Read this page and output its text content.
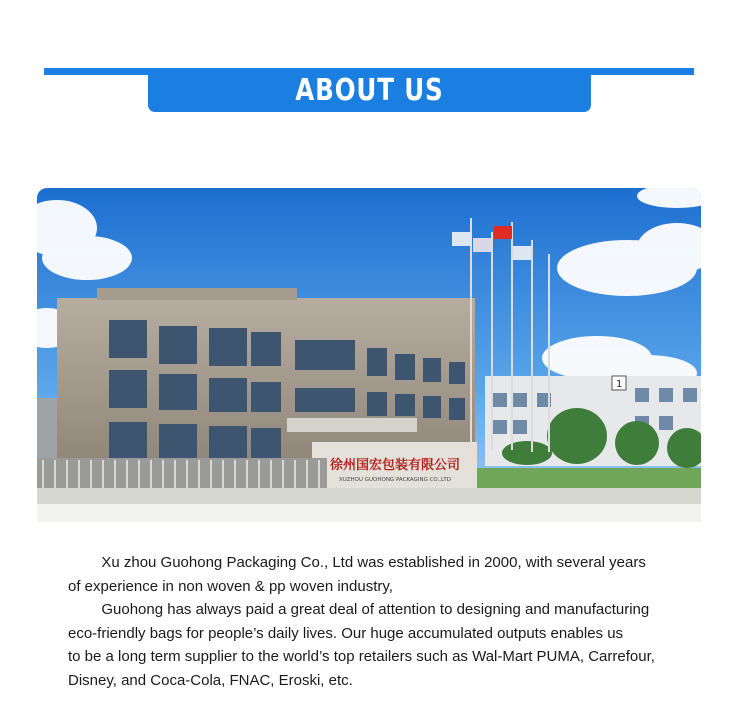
ABOUT US
1
徐州国宏包装有限公司
XUZHOU GUOHONG PACKAGING CO.,LTD

Xu zhou Guohong Packaging Co., Ltd was established in 2000, with several years

of experience in non woven & pp woven industry,

Guohong has always paid a great deal of attention to designing and manufacturing

eco-friendly bags for people’s daily lives. Our huge accumulated outputs enables us

to be a long term supplier to the world’s top retailers such as Wal-Mart PUMA, Carrefour,

Disney, and Coca-Cola, FNAC, Eroski, etc.
